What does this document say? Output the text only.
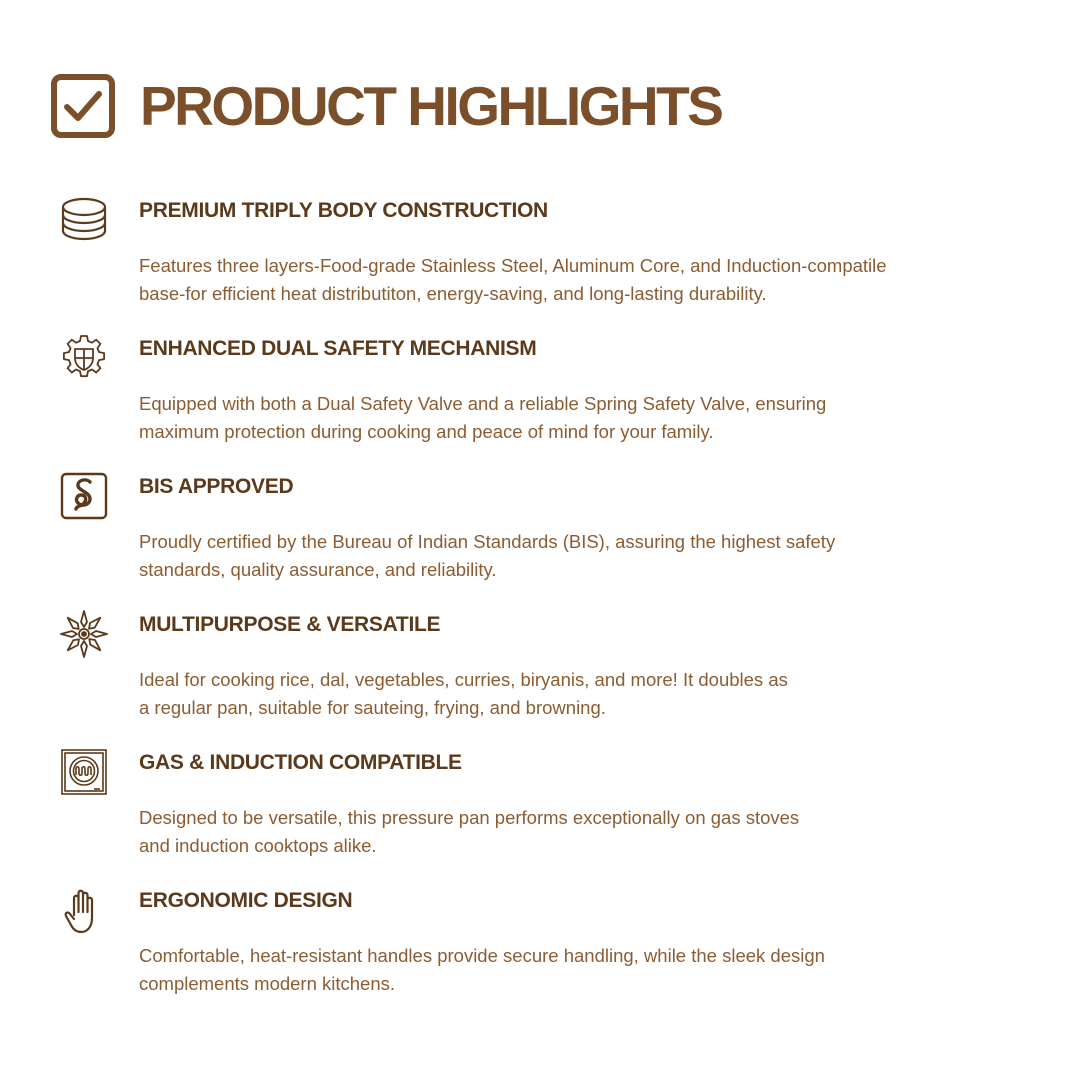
PRODUCT HIGHLIGHTS
PREMIUM TRIPLY BODY CONSTRUCTION
Features three layers-Food-grade Stainless Steel, Aluminum Core, and Induction-compatile
base-for efficient heat distributiton, energy-saving, and long-lasting durability.
ENHANCED DUAL SAFETY MECHANISM
Equipped with both a Dual Safety Valve and a reliable Spring Safety Valve, ensuring
maximum protection during cooking and peace of mind for your family.
BIS APPROVED
Proudly certified by the Bureau of Indian Standards (BIS), assuring the highest safety
standards, quality assurance, and reliability.
MULTIPURPOSE & VERSATILE
Ideal for cooking rice, dal, vegetables, curries, biryanis, and more! It doubles as
a regular pan, suitable for sauteing, frying, and browning.
GAS & INDUCTION COMPATIBLE
Designed to be versatile, this pressure pan performs exceptionally on gas stoves
and induction cooktops alike.
ERGONOMIC DESIGN
Comfortable, heat-resistant handles provide secure handling, while the sleek design
complements modern kitchens.
